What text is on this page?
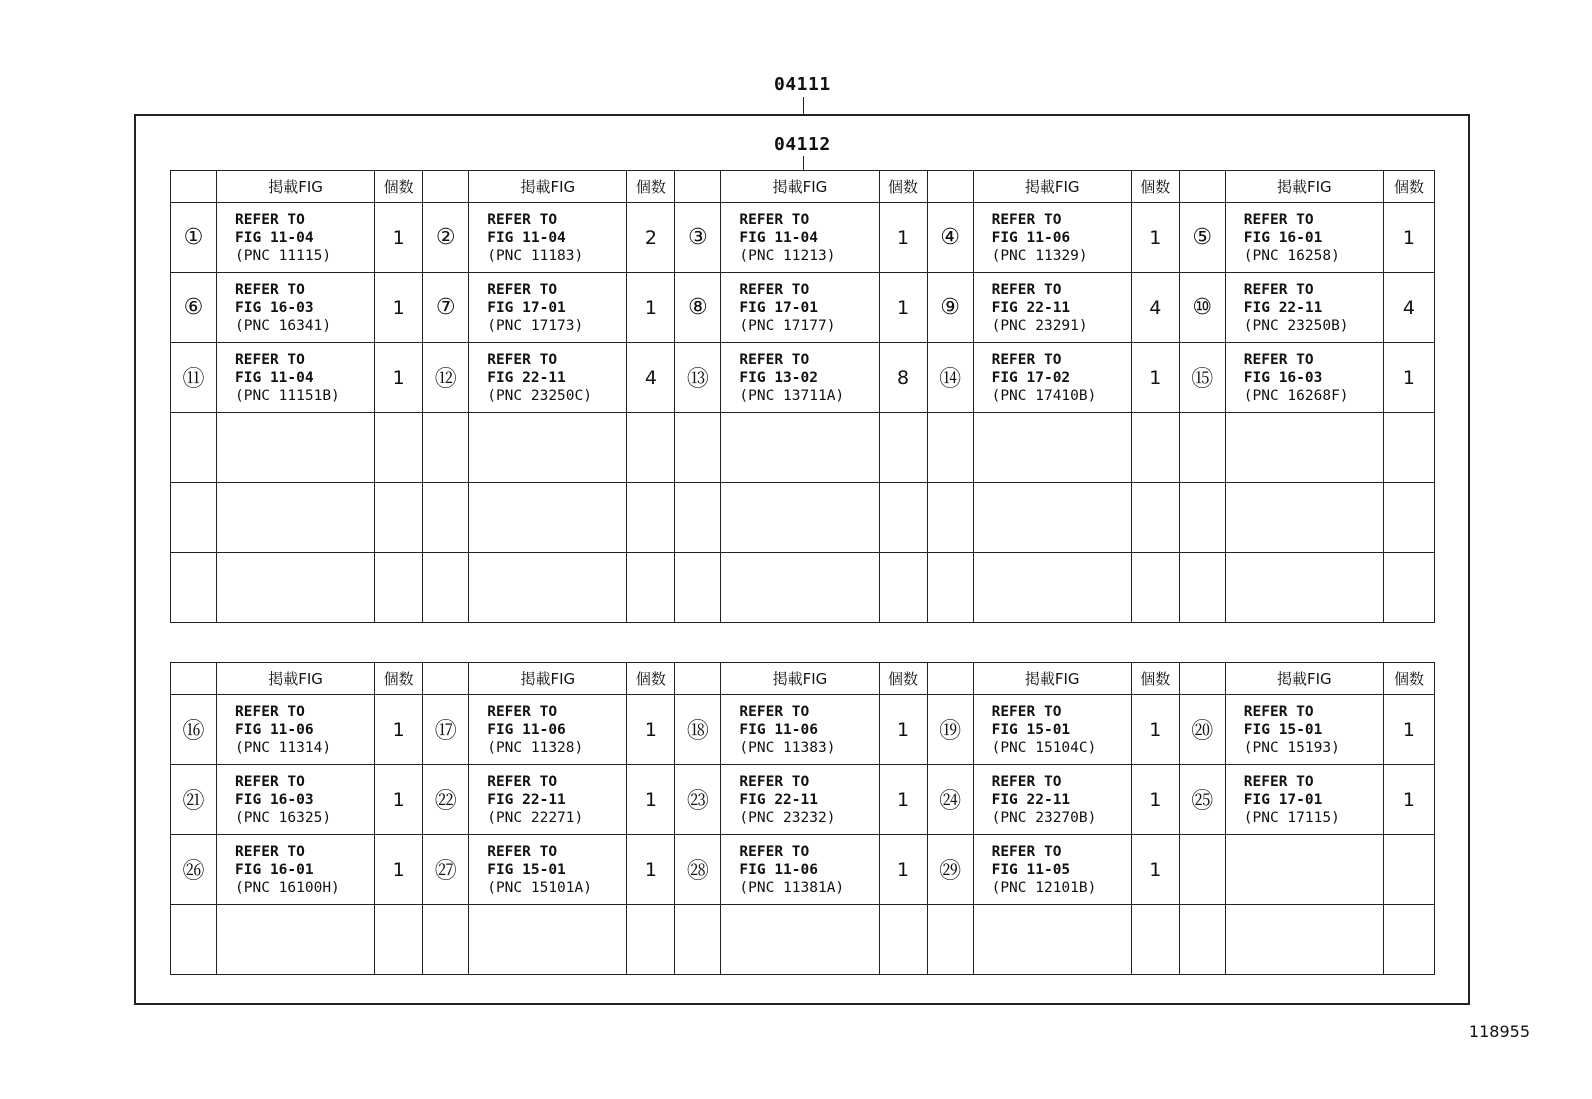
04111
04112
	掲載FIG	個数		掲載FIG	個数		掲載FIG	個数		掲載FIG	個数		掲載FIG	個数
①	REFER TO
FIG 11-04
(PNC 11115)	1	②	REFER TO
FIG 11-04
(PNC 11183)	2	③	REFER TO
FIG 11-04
(PNC 11213)	1	④	REFER TO
FIG 11-06
(PNC 11329)	1	⑤	REFER TO
FIG 16-01
(PNC 16258)	1
⑥	REFER TO
FIG 16-03
(PNC 16341)	1	⑦	REFER TO
FIG 17-01
(PNC 17173)	1	⑧	REFER TO
FIG 17-01
(PNC 17177)	1	⑨	REFER TO
FIG 22-11
(PNC 23291)	4	⑩	REFER TO
FIG 22-11
(PNC 23250B)	4
⑪	REFER TO
FIG 11-04
(PNC 11151B)	1	⑫	REFER TO
FIG 22-11
(PNC 23250C)	4	⑬	REFER TO
FIG 13-02
(PNC 13711A)	8	⑭	REFER TO
FIG 17-02
(PNC 17410B)	1	⑮	REFER TO
FIG 16-03
(PNC 16268F)	1

	掲載FIG	個数		掲載FIG	個数		掲載FIG	個数		掲載FIG	個数		掲載FIG	個数
⑯	REFER TO
FIG 11-06
(PNC 11314)	1	⑰	REFER TO
FIG 11-06
(PNC 11328)	1	⑱	REFER TO
FIG 11-06
(PNC 11383)	1	⑲	REFER TO
FIG 15-01
(PNC 15104C)	1	⑳	REFER TO
FIG 15-01
(PNC 15193)	1
㉑	REFER TO
FIG 16-03
(PNC 16325)	1	㉒	REFER TO
FIG 22-11
(PNC 22271)	1	㉓	REFER TO
FIG 22-11
(PNC 23232)	1	㉔	REFER TO
FIG 22-11
(PNC 23270B)	1	㉕	REFER TO
FIG 17-01
(PNC 17115)	1
㉖	REFER TO
FIG 16-01
(PNC 16100H)	1	㉗	REFER TO
FIG 15-01
(PNC 15101A)	1	㉘	REFER TO
FIG 11-06
(PNC 11381A)	1	㉙	REFER TO
FIG 11-05
(PNC 12101B)	1			

118955
